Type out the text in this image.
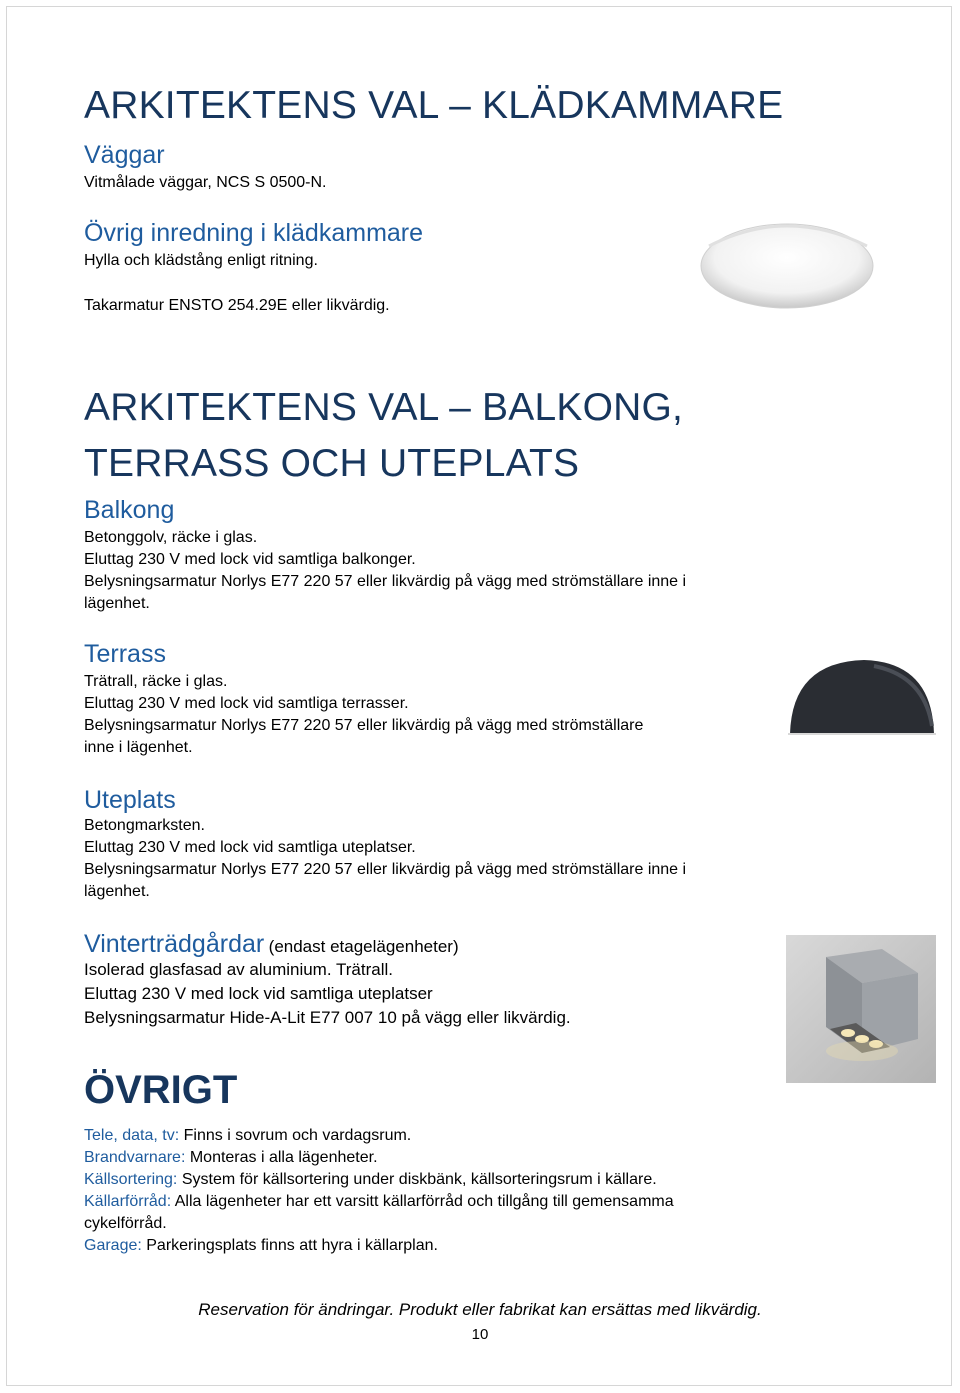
ARKITEKTENS VAL – KLÄDKAMMARE
Väggar
Vitmålade väggar, NCS S 0500-N.
Övrig inredning i klädkammare
Hylla och klädstång enligt ritning.
Takarmatur ENSTO 254.29E eller likvärdig.
ARKITEKTENS VAL – BALKONG,
TERRASS OCH UTEPLATS
Balkong
Betonggolv, räcke i glas.
Eluttag 230 V med lock vid samtliga balkonger.
Belysningsarmatur Norlys E77 220 57 eller likvärdig på vägg med strömställare inne i
lägenhet.
Terrass
Trätrall, räcke i glas.
Eluttag 230 V med lock vid samtliga terrasser.
Belysningsarmatur Norlys E77 220 57 eller likvärdig på vägg med strömställare
inne i lägenhet.
Uteplats
Betongmarksten.
Eluttag 230 V med lock vid samtliga uteplatser.
Belysningsarmatur Norlys E77 220 57 eller likvärdig på vägg med strömställare inne i
lägenhet.
Vinterträdgårdar (endast etagelägenheter)
Isolerad glasfasad av aluminium. Trätrall.
Eluttag 230 V med lock vid samtliga uteplatser
Belysningsarmatur Hide-A-Lit E77 007 10 på vägg eller likvärdig.
ÖVRIGT
Tele, data, tv: Finns i sovrum och vardagsrum.
Brandvarnare: Monteras i alla lägenheter.
Källsortering: System för källsortering under diskbänk, källsorteringsrum i källare.
Källarförråd: Alla lägenheter har ett varsitt källarförråd och tillgång till gemensamma
cykelförråd.
Garage: Parkeringsplats finns att hyra i källarplan.
Reservation för ändringar. Produkt eller fabrikat kan ersättas med likvärdig.
10
